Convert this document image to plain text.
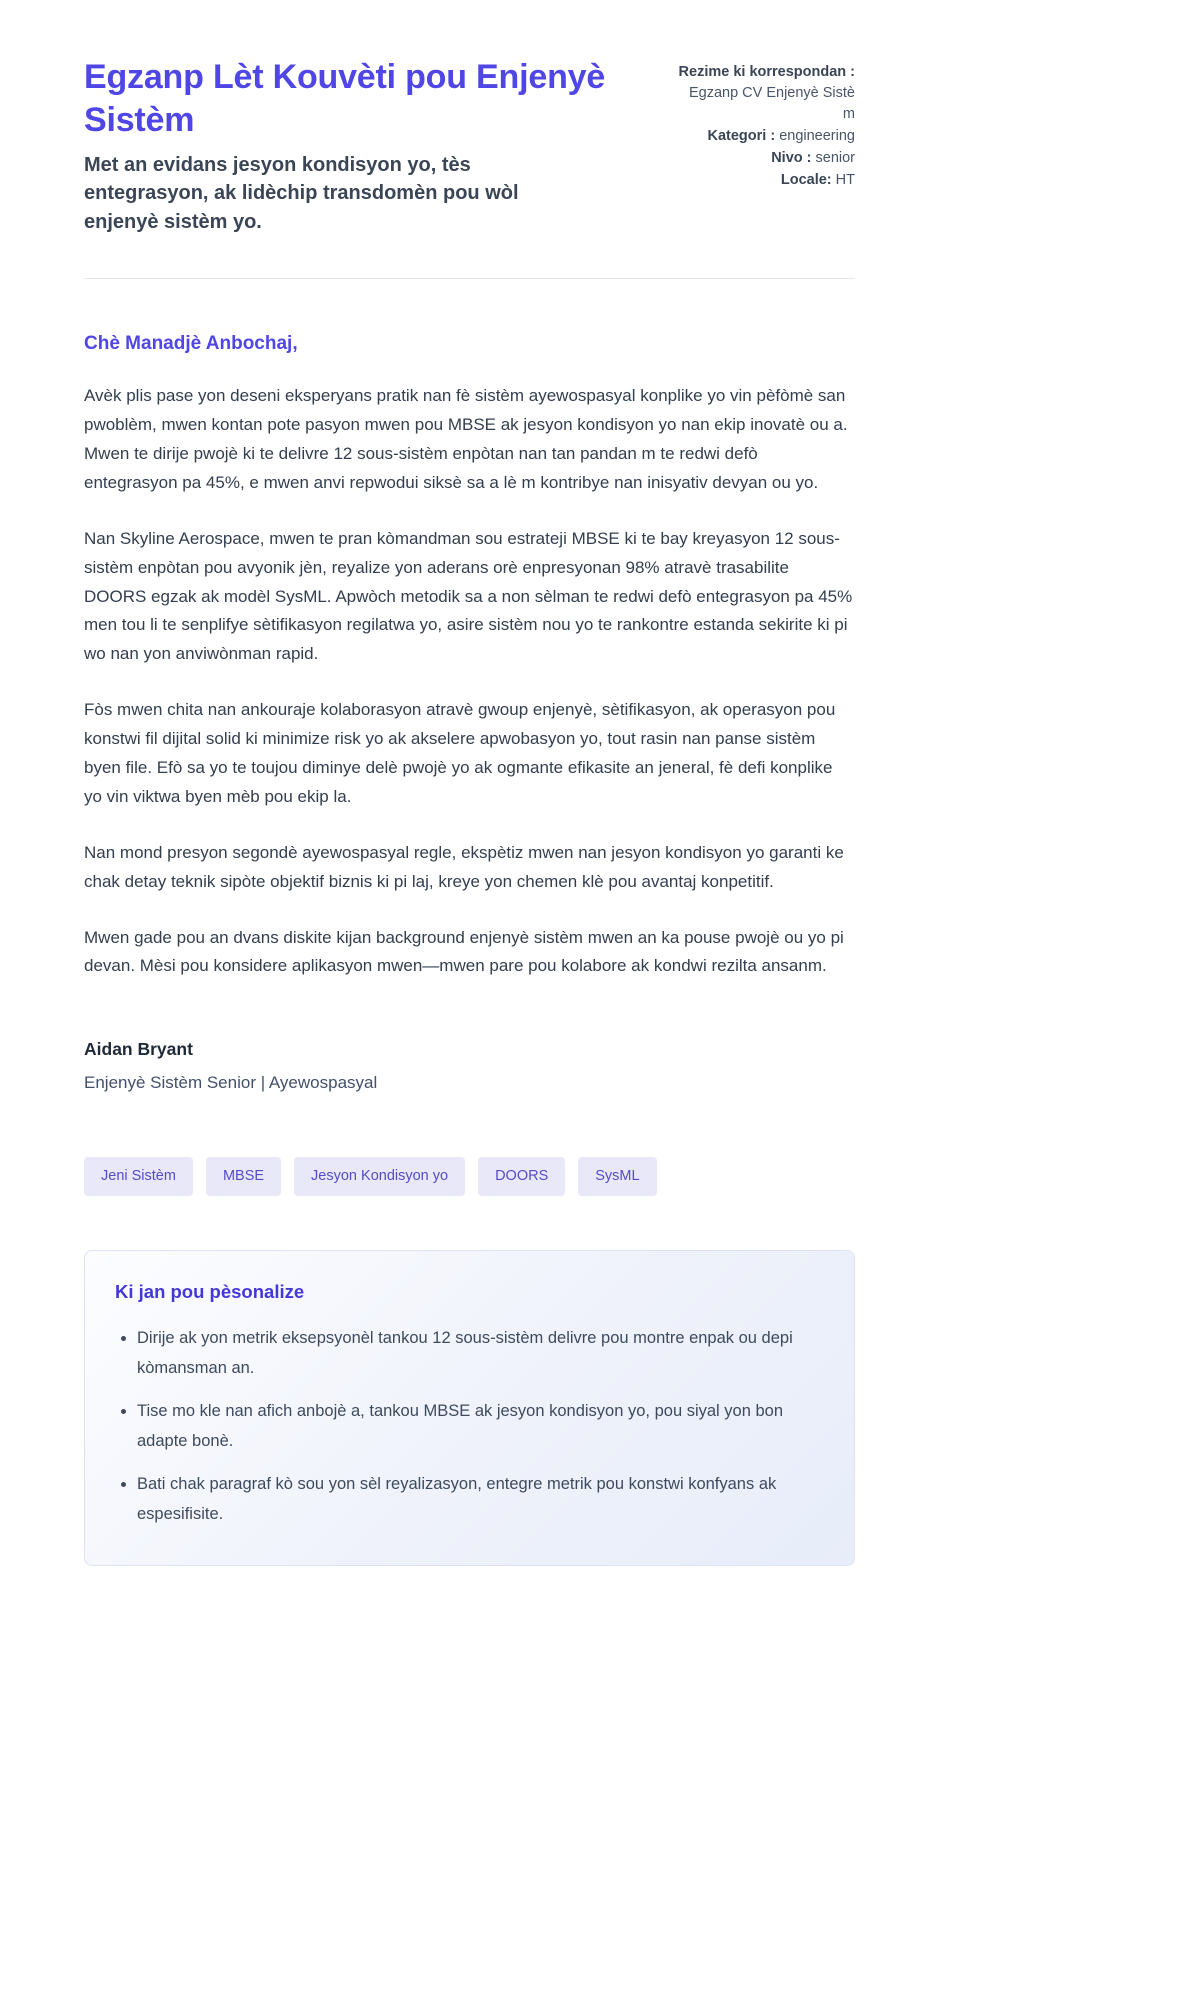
Egzanp Lèt Kouvèti pou Enjenyè Sistèm
Met an evidans jesyon kondisyon yo, tès entegrasyon, ak lidèchip transdomèn pou wòl enjenyè sistèm yo.
Rezime ki korrespondan : Egzanp CV Enjenyè Sistèm
Kategori : engineering
Nivo : senior
Locale: HT
Chè Manadjè Anbochaj,

Avèk plis pase yon deseni eksperyans pratik nan fè sistèm ayewospasyal konplike yo vin pèfòmè san pwoblèm, mwen kontan pote pasyon mwen pou MBSE ak jesyon kondisyon yo nan ekip inovatè ou a. Mwen te dirije pwojè ki te delivre 12 sous-sistèm enpòtan nan tan pandan m te redwi defò entegrasyon pa 45%, e mwen anvi repwodui siksè sa a lè m kontribye nan inisyativ devyan ou yo.

Nan Skyline Aerospace, mwen te pran kòmandman sou estrateji MBSE ki te bay kreyasyon 12 sous-sistèm enpòtan pou avyonik jèn, reyalize yon aderans orè enpresyonan 98% atravè trasabilite DOORS egzak ak modèl SysML. Apwòch metodik sa a non sèlman te redwi defò entegrasyon pa 45% men tou li te senplifye sètifikasyon regilatwa yo, asire sistèm nou yo te rankontre estanda sekirite ki pi wo nan yon anviwònman rapid.

Fòs mwen chita nan ankouraje kolaborasyon atravè gwoup enjenyè, sètifikasyon, ak operasyon pou konstwi fil dijital solid ki minimize risk yo ak akselere apwobasyon yo, tout rasin nan panse sistèm byen file. Efò sa yo te toujou diminye delè pwojè yo ak ogmante efikasite an jeneral, fè defi konplike yo vin viktwa byen mèb pou ekip la.

Nan mond presyon segondè ayewospasyal regle, ekspètiz mwen nan jesyon kondisyon yo garanti ke chak detay teknik sipòte objektif biznis ki pi laj, kreye yon chemen klè pou avantaj konpetitif.

Mwen gade pou an dvans diskite kijan background enjenyè sistèm mwen an ka pouse pwojè ou yo pi devan. Mèsi pou konsidere aplikasyon mwen—mwen pare pou kolabore ak kondwi rezilta ansanm.

Aidan Bryant
Enjenyè Sistèm Senior | Ayewospasyal
Jeni Sistèm	MBSE	Jesyon Kondisyon yo	DOORS	SysML
Ki jan pou pèsonalize
• Dirije ak yon metrik eksepsyonèl tankou 12 sous-sistèm delivre pou montre enpak ou depi kòmansman an.
• Tise mo kle nan afich anbojè a, tankou MBSE ak jesyon kondisyon yo, pou siyal yon bon adapte bonè.
• Bati chak paragraf kò sou yon sèl reyalizasyon, entegre metrik pou konstwi konfyans ak espesifisite.
